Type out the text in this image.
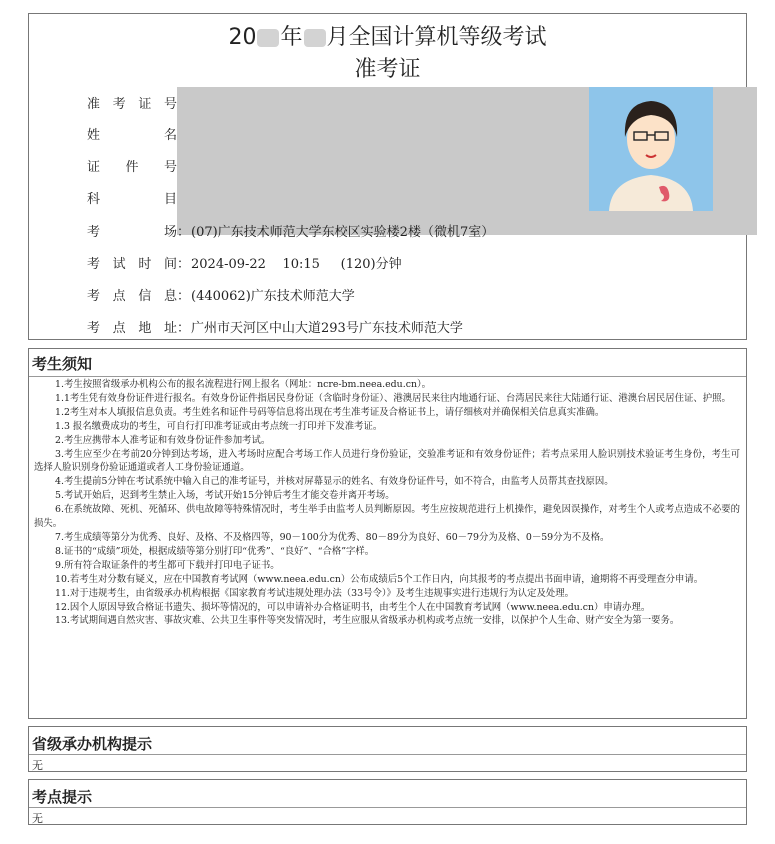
20 年 月全国计算机等级考试
准考证
准考证号
姓名
证件号
科目
考场 ： (07)广东技术师范大学东校区实验楼2楼（微机7室）
考试时间 ： 2024-09-22 10:15 (120)分钟
考点信息 ： (440062)广东技术师范大学
考点地址 ： 广州市天河区中山大道293号广东技术师范大学
考生须知

1.考生按照省级承办机构公布的报名流程进行网上报名（网址：ncre-bm.neea.edu.cn）。

1.1考生凭有效身份证件进行报名。有效身份证件指居民身份证（含临时身份证）、港澳居民来往内地通行证、台湾居民来往大陆通行证、港澳台居民居住证、护照。

1.2考生对本人填报信息负责。考生姓名和证件号码等信息将出现在考生准考证及合格证书上，请仔细核对并确保相关信息真实准确。

1.3 报名缴费成功的考生，可自行打印准考证或由考点统一打印并下发准考证。

2.考生应携带本人准考证和有效身份证件参加考试。

3.考生应至少在考前20分钟到达考场，进入考场时应配合考场工作人员进行身份验证，交验准考证和有效身份证件；若考点采用人脸识别技术验证考生身份，考生可选择人脸识别身份验证通道或者人工身份验证通道。

4.考生提前5分钟在考试系统中输入自己的准考证号，并核对屏幕显示的姓名、有效身份证件号，如不符合，由监考人员帮其查找原因。

5.考试开始后，迟到考生禁止入场，考试开始15分钟后考生才能交卷并离开考场。

6.在系统故障、死机、死循环、供电故障等特殊情况时，考生举手由监考人员判断原因。考生应按规范进行上机操作，避免因误操作，对考生个人或考点造成不必要的损失。

7.考生成绩等第分为优秀、良好、及格、不及格四等，90－100分为优秀、80－89分为良好、60－79分为及格、0－59分为不及格。

8.证书的“成绩”项处，根据成绩等第分别打印“优秀”、“良好”、“合格”字样。

9.所有符合取证条件的考生都可下载并打印电子证书。

10.若考生对分数有疑义，应在中国教育考试网（www.neea.edu.cn）公布成绩后5个工作日内，向其报考的考点提出书面申请，逾期将不再受理查分申请。

11.对于违规考生，由省级承办机构根据《国家教育考试违规处理办法（33号令）》及考生违规事实进行违规行为认定及处理。

12.因个人原因导致合格证书遗失、损坏等情况的，可以申请补办合格证明书，由考生个人在中国教育考试网（www.neea.edu.cn）申请办理。

13.考试期间遇自然灾害、事故灾难、公共卫生事件等突发情况时，考生应服从省级承办机构或考点统一安排，以保护个人生命、财产安全为第一要务。

省级承办机构提示
无
考点提示
无
